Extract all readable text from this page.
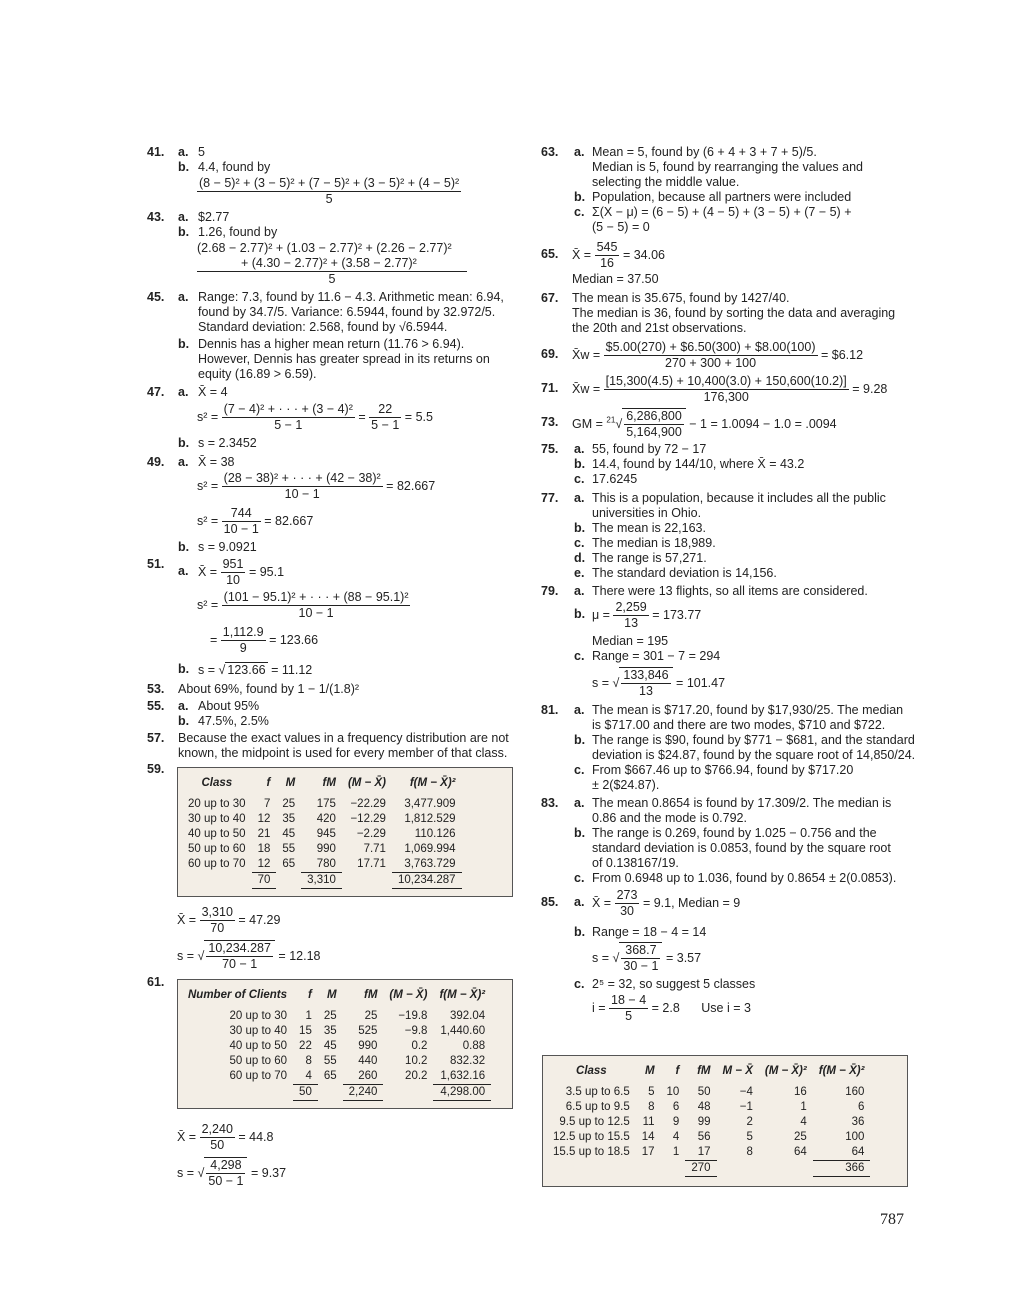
41. a. 5
b. 4.4, found by
$\frac{\text{(8 − 5)² + (3 − 5)² + (7 − 5)² + (3 − 5)² + (4 − 5)²}}{5}$
43. a. $2.77
b. 1.26, found by
(2.68 − 2.77)² + (1.03 − 2.77)² + (2.26 − 2.77)²
+ (4.30 − 2.77)² + (3.58 − 2.77)²
5
45. a. Range: 7.3, found by 11.6 − 4.3. Arithmetic mean: 6.94,
found by 34.7/5. Variance: 6.5944, found by 32.972/5.
Standard deviation: 2.568, found by √6.5944.
b. Dennis has a higher mean return (11.76 > 6.94).
However, Dennis has greater spread in its returns on
equity (16.89 > 6.59).
47. a. X̄ = 4
$s^2 = \frac{\text{(7 − 4)² + · · · + (3 − 4)²}}{5 - 1} = \frac{22}{5 - 1} = 5.5$
b. s = 2.3452
49. a. X̄ = 38
$s^2 = \frac{\text{(28 − 38)² + · · · + (42 − 38)²}}{10 - 1} = 82.667$
$s^2 = \frac{744}{10 - 1} = 82.667$
b. s = 9.0921
51. a. X̄ = $\frac{951}{10} = 95.1$
$s^2 = \frac{\text{(101 − 95.1)² + · · · + (88 − 95.1)²}}{10 - 1}$
= $\frac{1,112.9}{9} = 123.66$
b. s = √ 123.66 = 11.12
53. About 69%, found by 1 − 1/(1.8)²
55. a. About 95%
b. 47.5%, 2.5%
57. Because the exact values in a frequency distribution are not
known, the midpoint is used for every member of that class.
59.
Class	f	M	fM	(M − X̄)	f(M − X̄)²
20 up to 30	7	25	175	−22.29	3,477.909
30 up to 40	12	35	420	−12.29	1,812.529
40 up to 50	21	45	945	−2.29	110.126
50 up to 60	18	55	990	7.71	1,069.994
60 up to 70	12	65	780	17.71	3,763.729
	70		3,310		10,234.287
X̄ = $\frac{3,310}{70} = 47.29$
s = √ $\frac{10,234.287}{70 - 1} = 12.18$
61.
Number of Clients	f	M	fM	(M − X̄)	f(M − X̄)²
20 up to 30	1	25	25	−19.8	392.04
30 up to 40	15	35	525	−9.8	1,440.60
40 up to 50	22	45	990	0.2	0.88
50 up to 60	8	55	440	10.2	832.32
60 up to 70	4	65	260	20.2	1,632.16
	50		2,240		4,298.00
X̄ = $\frac{2,240}{50} = 44.8$
s = √ $\frac{4,298}{50 - 1} = 9.37$
63. a. Mean = 5, found by (6 + 4 + 3 + 7 + 5)/5.
Median is 5, found by rearranging the values and
selecting the middle value.
b. Population, because all partners were included
c. Σ(X − μ) = (6 − 5) + (4 − 5) + (3 − 5) + (7 − 5) +
(5 − 5) = 0
65. X̄ = $\frac{545}{16} = 34.06$
Median = 37.50
67. The mean is 35.675, found by 1427/40.
The median is 36, found by sorting the data and averaging
the 20th and 21st observations.
69. X̄w = $\frac{\$5.00(270) + \$6.50(300) + \$8.00(100)}{270 + 300 + 100}$ = $6.12
71. X̄w = $\frac{[15,300(4.5) + 10,400(3.0) + 150,600(10.2)]}{176,300} = 9.28$
73. GM = $^{21}√ \frac{6,286,800}{5,164,900} - 1 = 1.0094 - 1.0 = .0094$
75. a. 55, found by 72 − 17
b. 14.4, found by 144/10, where X̄ = 43.2
c. 17.6245
77. a. This is a population, because it includes all the public
universities in Ohio.
b. The mean is 22,163.
c. The median is 18,989.
d. The range is 57,271.
e. The standard deviation is 14,156.
79. a. There were 13 flights, so all items are considered.
b. $\mu = \frac{2,259}{13} = 173.77$
Median = 195
c. Range = 301 − 7 = 294
s = √ $\frac{133,846}{13} = 101.47$
81. a. The mean is $717.20, found by $17,930/25. The median
is $717.00 and there are two modes, $710 and $722.
b. The range is $90, found by $771 − $681, and the standard
deviation is $24.87, found by the square root of 14,850/24.
c. From $667.46 up to $766.94, found by $717.20
± 2($24.87).
83. a. The mean 0.8654 is found by 17.309/2. The median is
0.86 and the mode is 0.792.
b. The range is 0.269, found by 1.025 − 0.756 and the
standard deviation is 0.0853, found by the square root
of 0.138167/19.
c. From 0.6948 up to 1.036, found by 0.8654 ± 2(0.0853).
85. a. X̄ = $\frac{273}{30} = 9.1$, Median = 9
b. Range = 18 − 4 = 14
s = √ $\frac{368.7}{30 - 1} = 3.57$
c. 2⁵ = 32, so suggest 5 classes
$i = \frac{18 - 4}{5} = 2.8$ Use i = 3
Class	M	f	fM	M − X̄	(M − X̄)²	f(M − X̄)²
3.5 up to 6.5	5	10	50	−4	16	160
6.5 up to 9.5	8	6	48	−1	1	6
9.5 up to 12.5	11	9	99	2	4	36
12.5 up to 15.5	14	4	56	5	25	100
15.5 up to 18.5	17	1	17	8	64	64
			270			366
787
